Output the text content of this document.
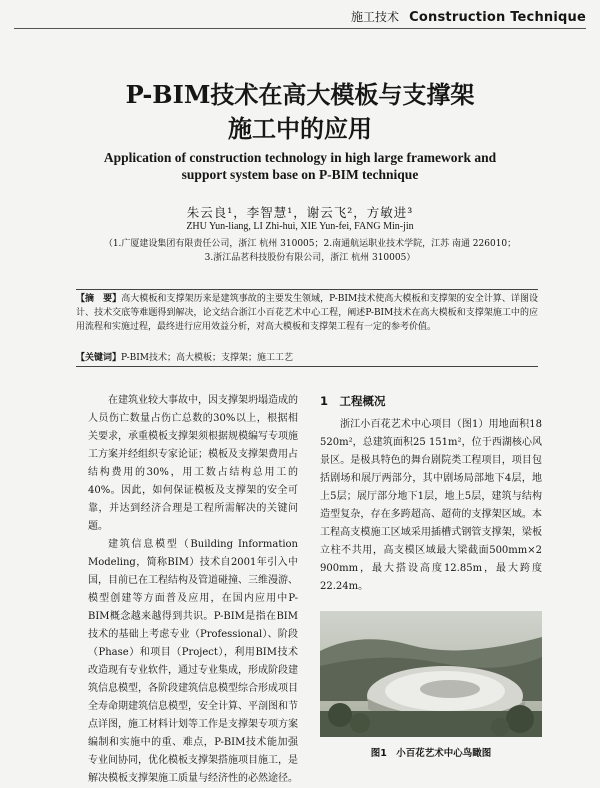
施工技术 Construction Technique
P-BIM技术在高大模板与支撑架
施工中的应用
Application of construction technology in high large framework and
support system base on P-BIM technique
朱云良¹，李智慧¹，谢云飞²，方敏进³
ZHU Yun-liang, LI Zhi-hui, XIE Yun-fei, FANG Min-jin
（1.广厦建设集团有限责任公司，浙江 杭州 310005；2.南通航运职业技术学院，江苏 南通 226010；
3.浙江品茗科技股份有限公司，浙江 杭州 310005）
【摘　要】高大模板和支撑架历来是建筑事故的主要发生领域，P-BIM技术使高大模板和支撑架的安全计算、详图设计、技术交底等难题得到解决，论文结合浙江小百花艺术中心工程，阐述P-BIM技术在高大模板和支撑架施工中的应用流程和实施过程，最终进行应用效益分析，对高大模板和支撑架工程有一定的参考价值。
【关键词】P-BIM技术；高大模板；支撑架；施工工艺

在建筑业较大事故中，因支撑架坍塌造成的人员伤亡数量占伤亡总数的30%以上，根据相关要求，承重模板支撑架须根据规模编写专项施工方案并经组织专家论证；模板及支撑架费用占结构费用的30%，用工数占结构总用工的40%。因此，如何保证模板及支撑架的安全可靠，并达到经济合理是工程所需解决的关键问题。

建筑信息模型（Building Information Modeling，简称BIM）技术自2001年引入中国，目前已在工程结构及管道碰撞、三维漫游、模型创建等方面普及应用，在国内应用中P-BIM概念越来越得到共识。P-BIM是指在BIM技术的基础上考虑专业（Professional）、阶段（Phase）和项目（Project），利用BIM技术改造现有专业软件，通过专业集成，形成阶段建筑信息模型，各阶段建筑信息模型综合形成项目全寿命期建筑信息模型，安全计算、平剖图和节点详图，施工材料计划等工作是支撑架专项方案编制和实施中的重、难点，P-BIM技术能加强专业间协同，优化模板支撑架搭施项目施工，是解决模板支撑架施工质量与经济性的必然途径。

1　工程概况

浙江小百花艺术中心项目（图1）用地面积18 520m²，总建筑面积25 151m²，位于西湖核心风景区。是极具特色的舞台剧院类工程项目，项目包括剧场和展厅两部分，其中剧场局部地下4层，地上5层；展厅部分地下1层，地上5层，建筑与结构造型复杂，存在多跨超高、超荷的支撑架区域。本工程高支模施工区域采用插槽式钢管支撑架，梁板立柱不共用，高支模区域最大梁截面500mm×2 900mm，最大搭设高度12.85m，最大跨度22.24m。

图1　小百花艺术中心鸟瞰图
